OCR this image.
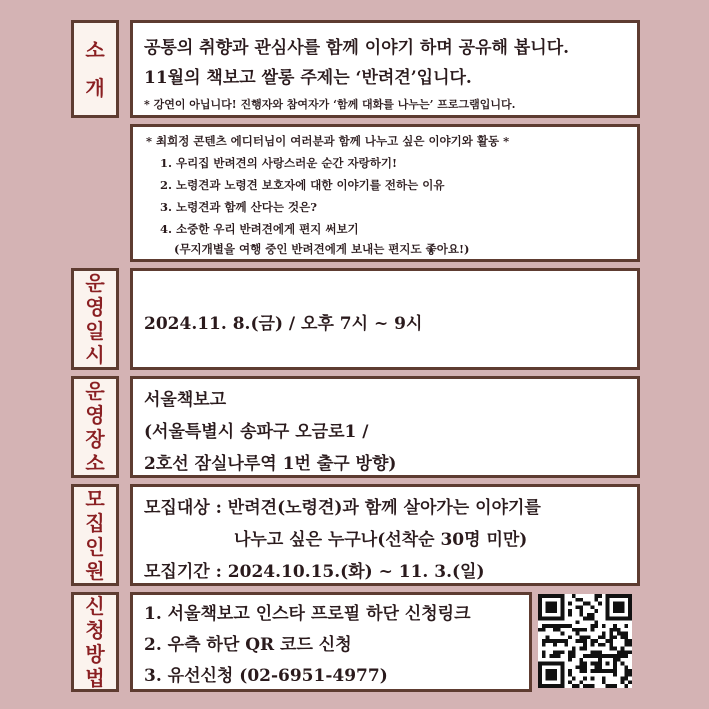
소
개
공통의 취향과 관심사를 함께 이야기 하며 공유해 봅니다.
11월의 책보고 쌀롱 주제는 ‘반려견’입니다.
* 강연이 아닙니다! 진행자와 참여자가 ‘함께 대화를 나누는’ 프로그램입니다.
* 최희정 콘텐츠 에디터님이 여러분과 함께 나누고 싶은 이야기와 활동 *
1. 우리집 반려견의 사랑스러운 순간 자랑하기!
2. 노령견과 노령견 보호자에 대한 이야기를 전하는 이유
3. 노령견과 함께 산다는 것은?
4. 소중한 우리 반려견에게 편지 써보기
(무지개별을 여행 중인 반려견에게 보내는 편지도 좋아요!)
운
영
일
시
2024.11. 8.(금) / 오후 7시 ~ 9시
운
영
장
소
서울책보고
(서울특별시 송파구 오금로1 /
2호선 잠실나루역 1번 출구 방향)
모
집
인
원
모집대상 : 반려견(노령견)과 함께 살아가는 이야기를
나누고 싶은 누구나(선착순 30명 미만)
모집기간 : 2024.10.15.(화) ~ 11. 3.(일)
신
청
방
법
1. 서울책보고 인스타 프로필 하단 신청링크
2. 우측 하단 QR 코드 신청
3. 유선신청 (02-6951-4977)
